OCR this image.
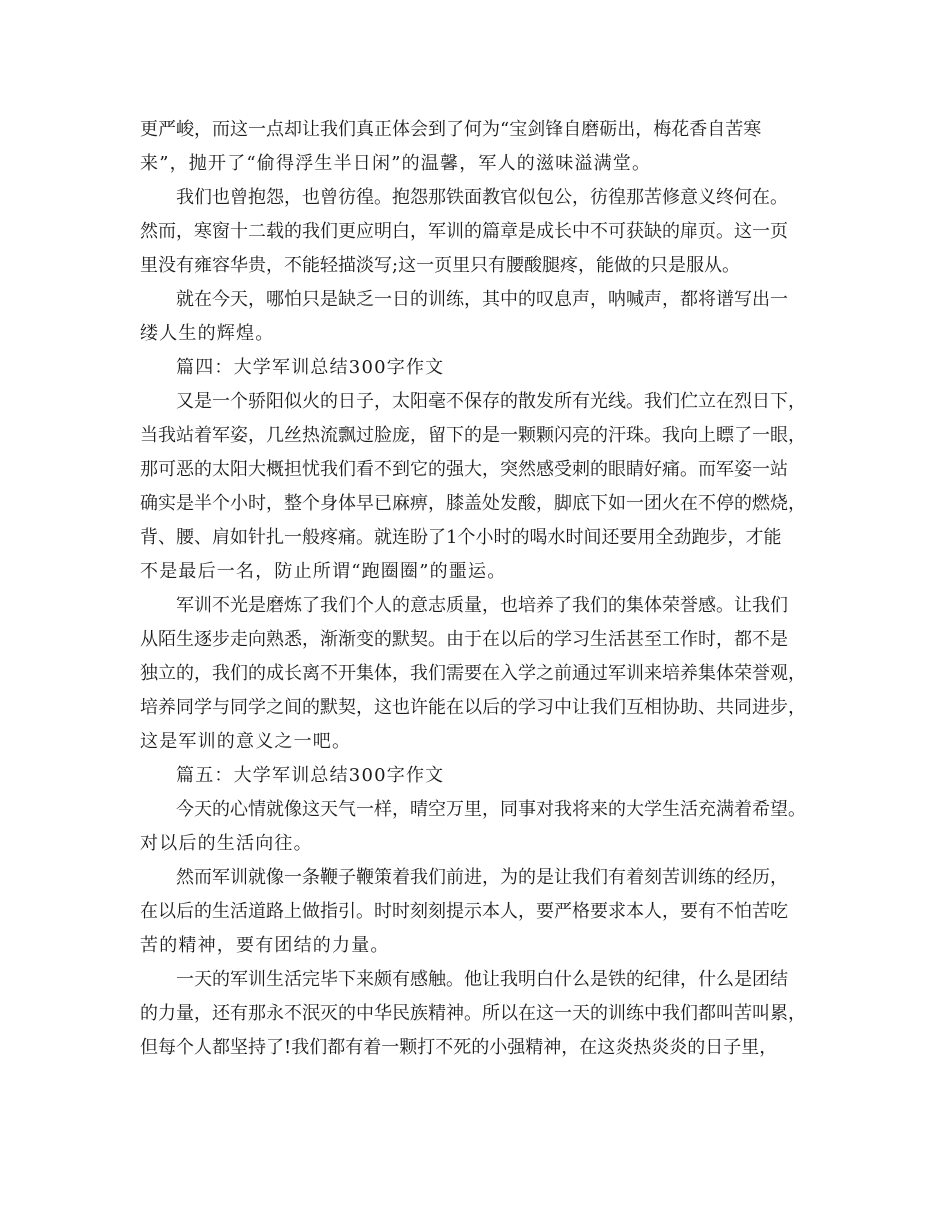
更严峻，而这一点却让我们真正体会到了何为“宝剑锋自磨砺出，梅花香自苦寒
来”，抛开了“偷得浮生半日闲”的温馨，军人的滋味溢满堂。
我们也曾抱怨，也曾彷徨。抱怨那铁面教官似包公，彷徨那苦修意义终何在。
然而，寒窗十二载的我们更应明白，军训的篇章是成长中不可获缺的扉页。这一页
里没有雍容华贵，不能轻描淡写;这一页里只有腰酸腿疼，能做的只是服从。
就在今天，哪怕只是缺乏一日的训练，其中的叹息声，呐喊声，都将谱写出一
缕人生的辉煌。
篇四：大学军训总结300字作文
又是一个骄阳似火的日子，太阳毫不保存的散发所有光线。我们伫立在烈日下，
当我站着军姿，几丝热流飘过脸庞，留下的是一颗颗闪亮的汗珠。我向上瞟了一眼，
那可恶的太阳大概担忧我们看不到它的强大，突然感受刺的眼睛好痛。而军姿一站
确实是半个小时，整个身体早已麻痹，膝盖处发酸，脚底下如一团火在不停的燃烧，
背、腰、肩如针扎一般疼痛。就连盼了1个小时的喝水时间还要用全劲跑步，才能
不是最后一名，防止所谓“跑圈圈”的噩运。
军训不光是磨炼了我们个人的意志质量，也培养了我们的集体荣誉感。让我们
从陌生逐步走向熟悉，渐渐变的默契。由于在以后的学习生活甚至工作时，都不是
独立的，我们的成长离不开集体，我们需要在入学之前通过军训来培养集体荣誉观，
培养同学与同学之间的默契，这也许能在以后的学习中让我们互相协助、共同进步，
这是军训的意义之一吧。
篇五：大学军训总结300字作文
今天的心情就像这天气一样，晴空万里，同事对我将来的大学生活充满着希望。
对以后的生活向往。
然而军训就像一条鞭子鞭策着我们前进，为的是让我们有着刻苦训练的经历，
在以后的生活道路上做指引。时时刻刻提示本人，要严格要求本人，要有不怕苦吃
苦的精神，要有团结的力量。
一天的军训生活完毕下来颇有感触。他让我明白什么是铁的纪律，什么是团结
的力量，还有那永不泯灭的中华民族精神。所以在这一天的训练中我们都叫苦叫累，
但每个人都坚持了!我们都有着一颗打不死的小强精神，在这炎热炎炎的日子里，
